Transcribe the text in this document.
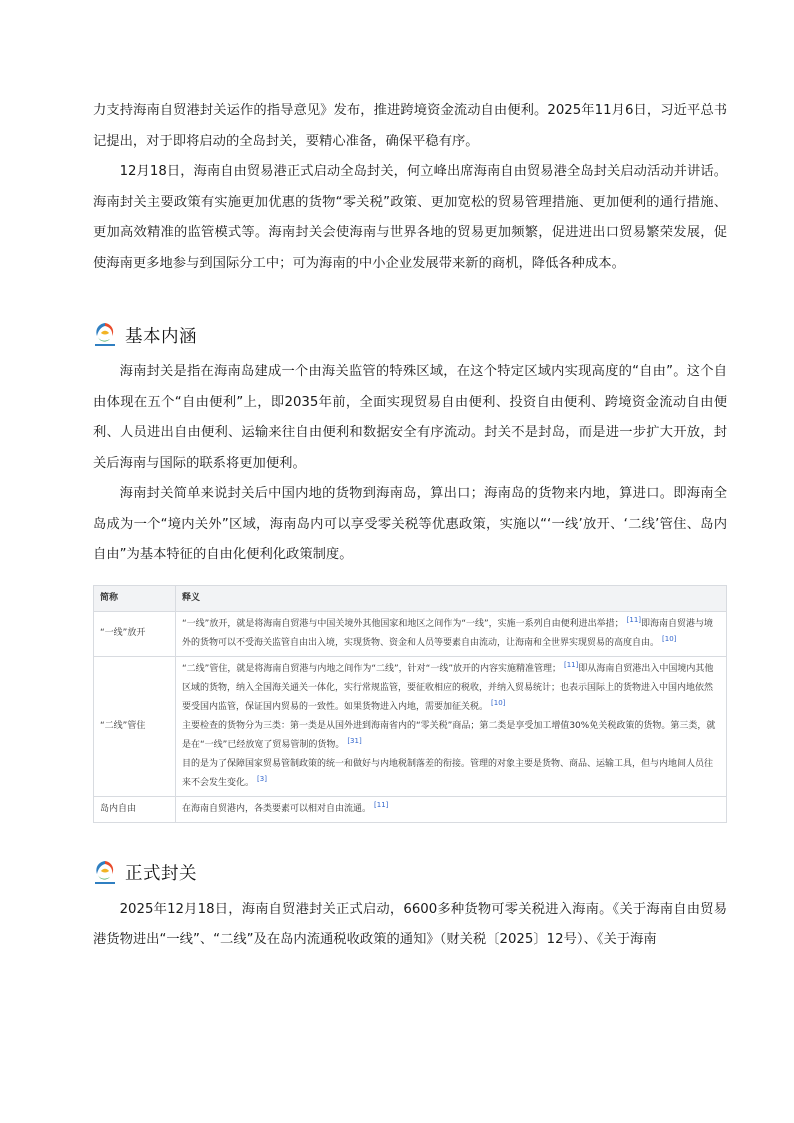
力支持海南自贸港封关运作的指导意见》发布，推进跨境资金流动自由便利。2025年11月6日，习近平总书记提出，对于即将启动的全岛封关，要精心准备，确保平稳有序。

12月18日，海南自由贸易港正式启动全岛封关，何立峰出席海南自由贸易港全岛封关启动活动并讲话。海南封关主要政策有实施更加优惠的货物“零关税”政策、更加宽松的贸易管理措施、更加便利的通行措施、更加高效精准的监管模式等。海南封关会使海南与世界各地的贸易更加频繁，促进进出口贸易繁荣发展，促使海南更多地参与到国际分工中；可为海南的中小企业发展带来新的商机，降低各种成本。

基本内涵

海南封关是指在海南岛建成一个由海关监管的特殊区域，在这个特定区域内实现高度的“自由”。这个自由体现在五个“自由便利”上，即2035年前，全面实现贸易自由便利、投资自由便利、跨境资金流动自由便利、人员进出自由便利、运输来往自由便利和数据安全有序流动。封关不是封岛，而是进一步扩大开放，封关后海南与国际的联系将更加便利。

海南封关简单来说封关后中国内地的货物到海南岛，算出口；海南岛的货物来内地，算进口。即海南全岛成为一个“境内关外”区域，海南岛内可以享受零关税等优惠政策，实施以“‘一线’放开、‘二线’管住、岛内自由”为基本特征的自由化便利化政策制度。

简称	释义
“一线”放开	“一线”放开，就是将海南自贸港与中国关境外其他国家和地区之间作为“一线”，实施一系列自由便利进出举措； [11]即海南自贸港与境外的货物可以不受海关监管自由出入境，实现货物、资金和人员等要素自由流动，让海南和全世界实现贸易的高度自由。 [10]

“二线”管住	“二线”管住，就是将海南自贸港与内地之间作为“二线”，针对“一线”放开的内容实施精准管理； [11]即从海南自贸港出入中国境内其他区域的货物，纳入全国海关通关一体化，实行常规监管，要征收相应的税收，并纳入贸易统计；也表示国际上的货物进入中国内地依然要受国内监管，保证国内贸易的一致性。如果货物进入内地，需要加征关税。 [10]

主要检查的货物分为三类：第一类是从国外进到海南省内的“零关税”商品；第二类是享受加工增值30%免关税政策的货物。第三类，就是在“一线”已经放宽了贸易管制的货物。 [31]

目的是为了保障国家贸易管制政策的统一和做好与内地税制落差的衔接。管理的对象主要是货物、商品、运输工具，但与内地间人员往来不会发生变化。 [3]

岛内自由	在海南自贸港内，各类要素可以相对自由流通。 [11]

正式封关

2025年12月18日，海南自贸港封关正式启动，6600多种货物可零关税进入海南。《关于海南自由贸易港货物进出“一线”、“二线”及在岛内流通税收政策的通知》（财关税〔2025〕12号）、《关于海南
